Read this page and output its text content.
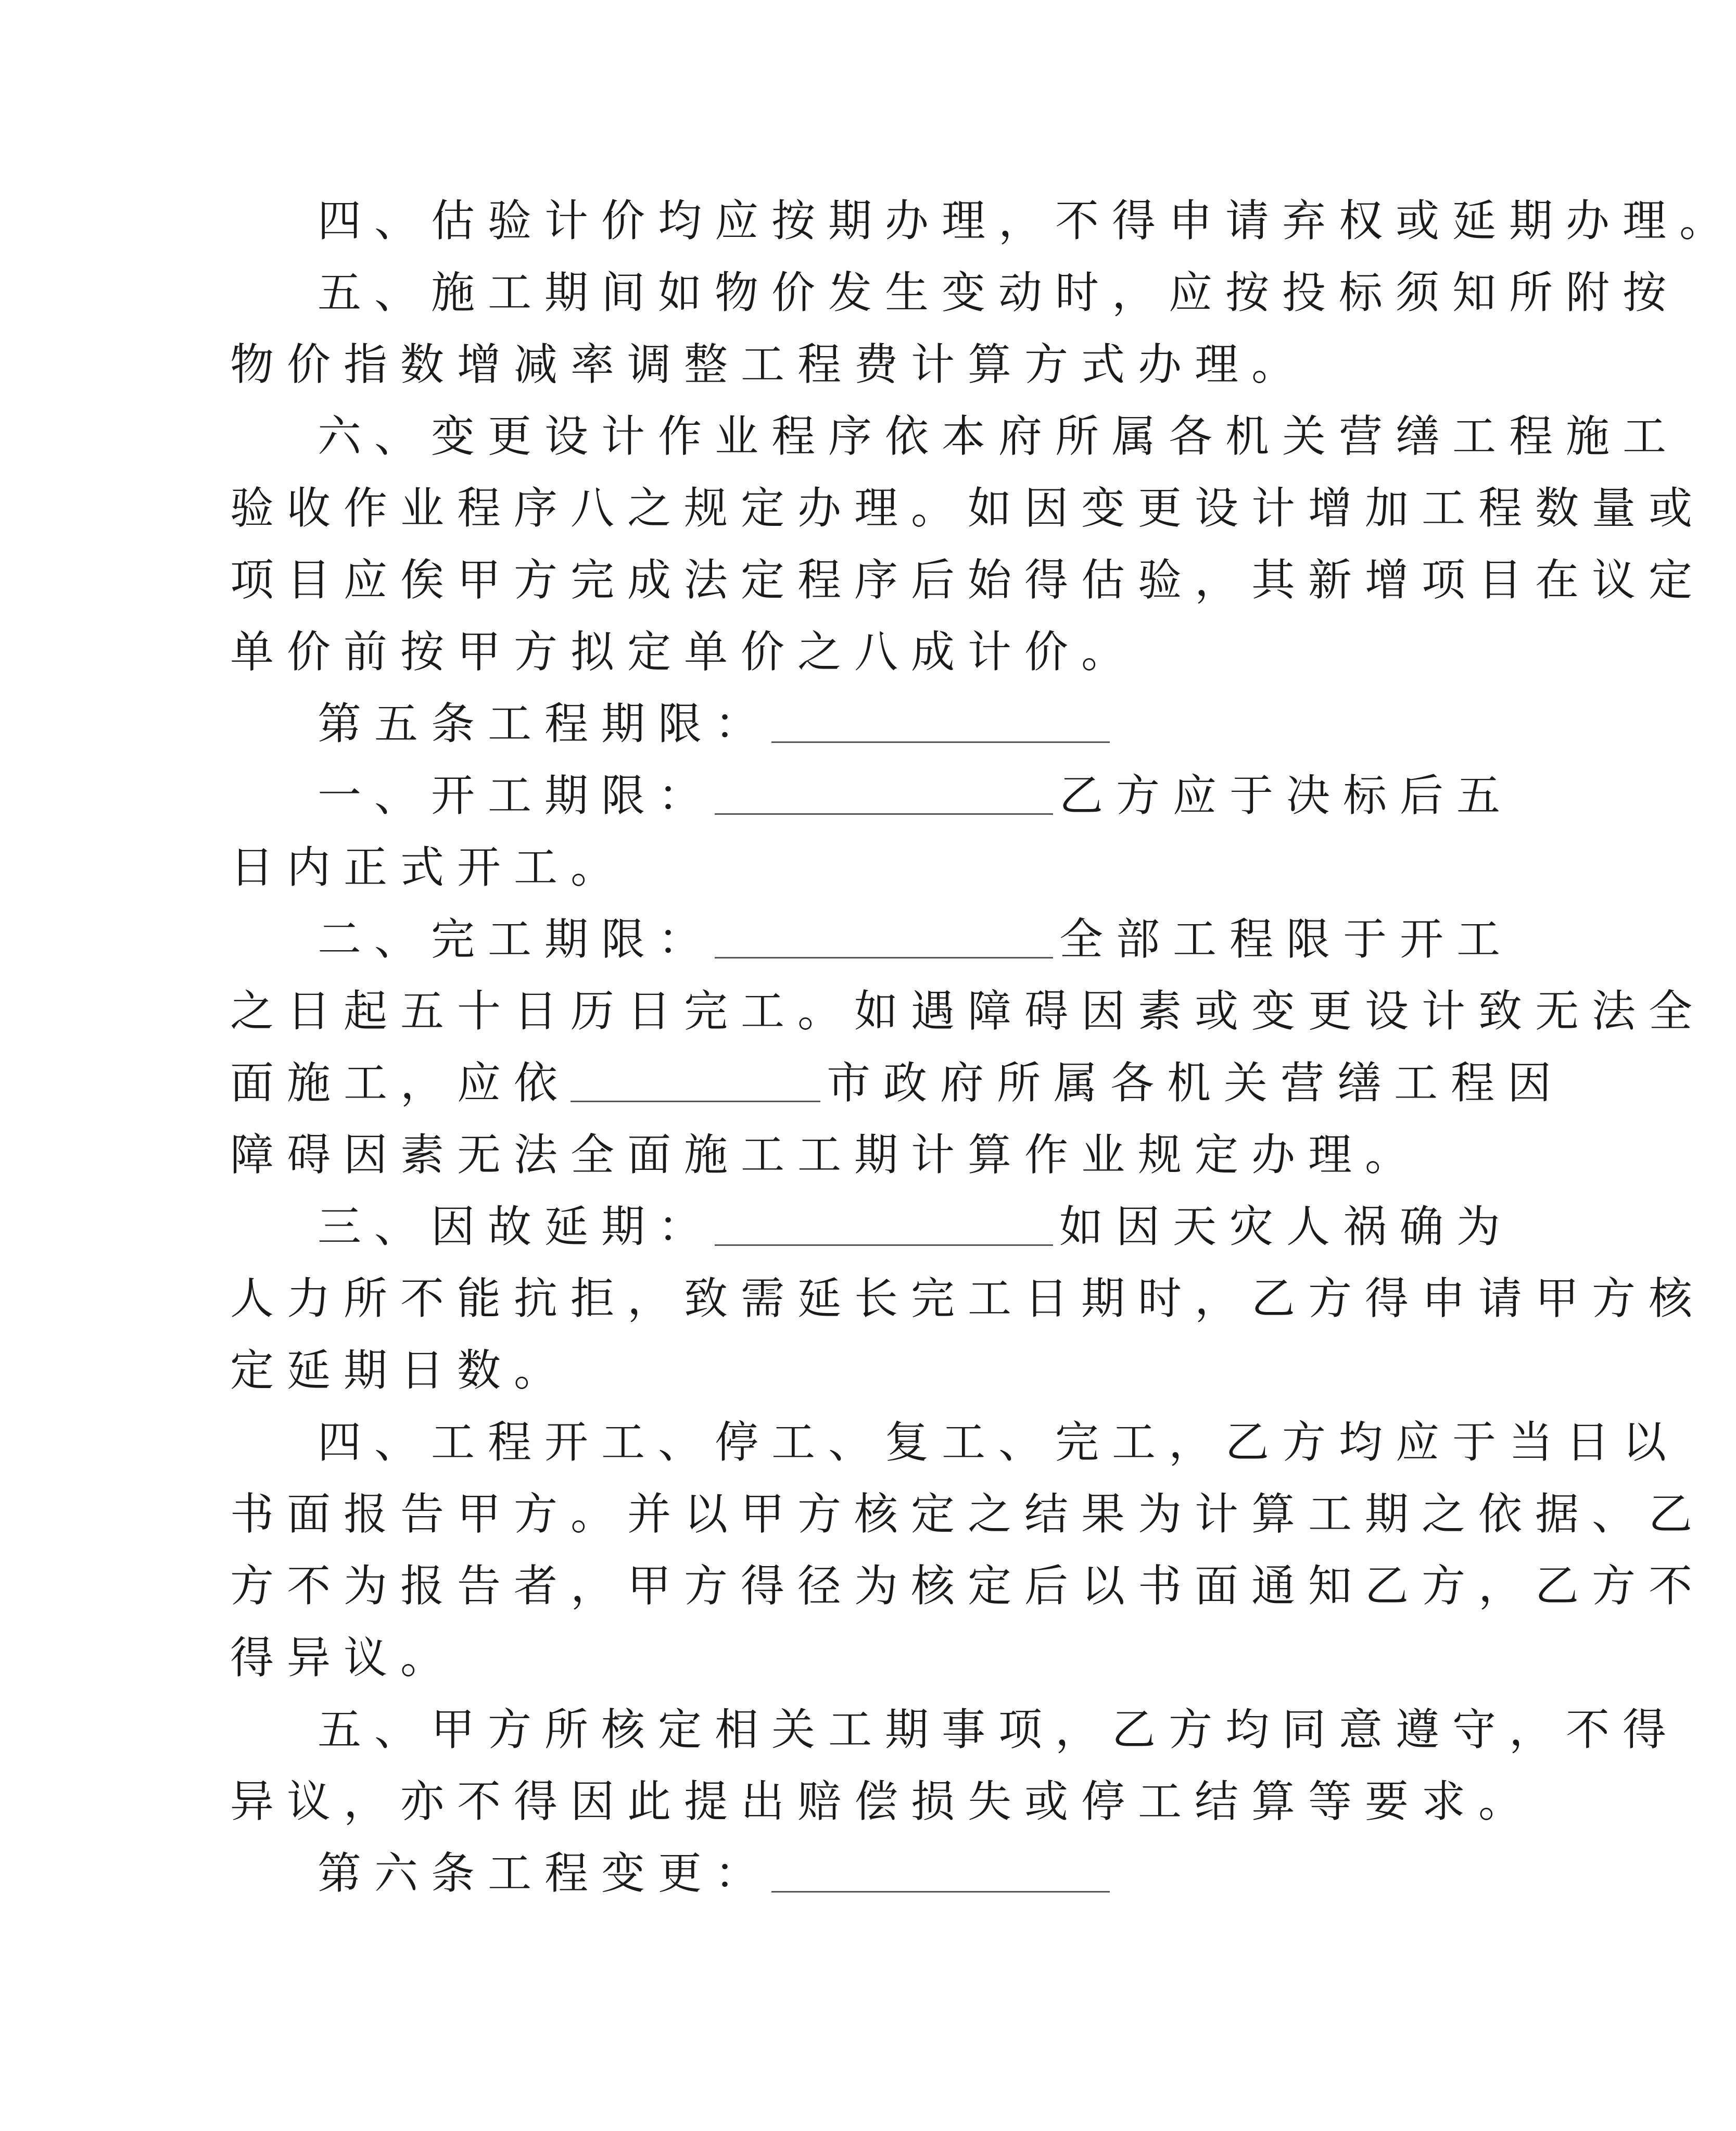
四、估验计价均应按期办理，不得申请弃权或延期办理。
五、施工期间如物价发生变动时，应按投标须知所附按
物价指数增减率调整工程费计算方式办理。
六、变更设计作业程序依本府所属各机关营缮工程施工
验收作业程序八之规定办理。如因变更设计增加工程数量或
项目应俟甲方完成法定程序后始得估验，其新增项目在议定
单价前按甲方拟定单价之八成计价。
第五条工程期限：
一、开工期限：	乙方应于决标后五
日内正式开工。
二、完工期限：	全部工程限于开工
之日起五十日历日完工。如遇障碍因素或变更设计致无法全
面施工，应依	市政府所属各机关营缮工程因
障碍因素无法全面施工工期计算作业规定办理。
三、因故延期：	如因天灾人祸确为
人力所不能抗拒，致需延长完工日期时，乙方得申请甲方核
定延期日数。
四、工程开工、停工、复工、完工，乙方均应于当日以
书面报告甲方。并以甲方核定之结果为计算工期之依据、乙
方不为报告者，甲方得径为核定后以书面通知乙方，乙方不
得异议。
五、甲方所核定相关工期事项，乙方均同意遵守，不得
异议，亦不得因此提出赔偿损失或停工结算等要求。
第六条工程变更：
